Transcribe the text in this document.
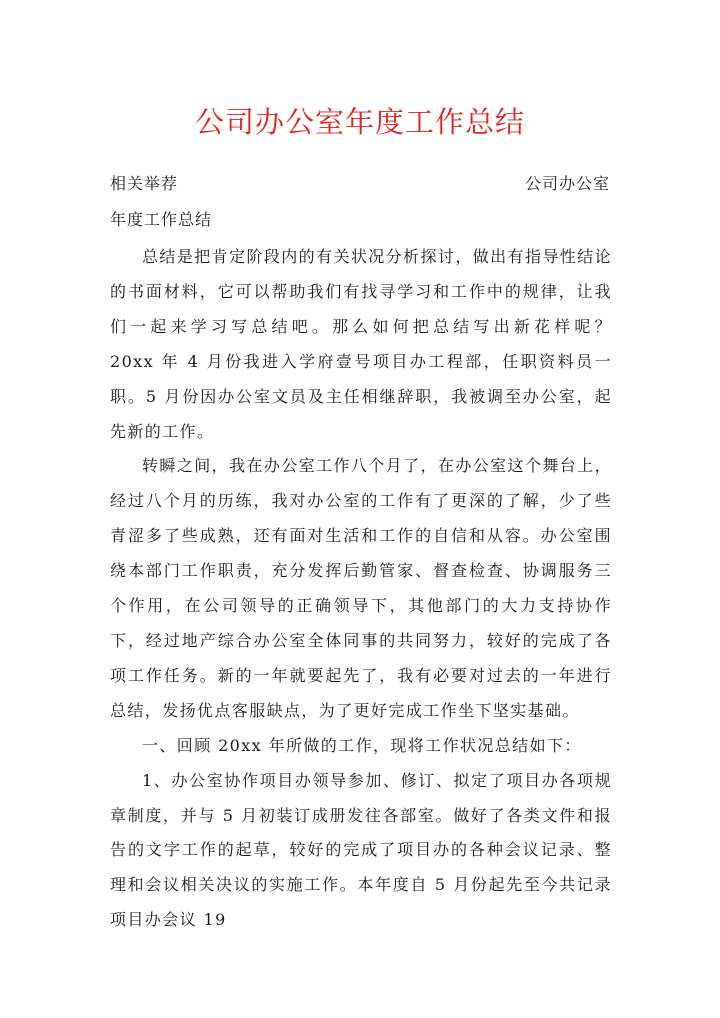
公司办公室年度工作总结
相关举荐	公司办公室
年度工作总结

总结是把肯定阶段内的有关状况分析探讨，做出有指导性结论的书面材料，它可以帮助我们有找寻学习和工作中的规律，让我们一起来学习写总结吧。那么如何把总结写出新花样呢？　　20xx 年 4 月份我进入学府壹号项目办工程部，任职资料员一职。5 月份因办公室文员及主任相继辞职，我被调至办公室，起先新的工作。

转瞬之间，我在办公室工作八个月了，在办公室这个舞台上，经过八个月的历练，我对办公室的工作有了更深的了解，少了些青涩多了些成熟，还有面对生活和工作的自信和从容。办公室围绕本部门工作职责，充分发挥后勤管家、督查检查、协调服务三个作用，在公司领导的正确领导下，其他部门的大力支持协作下，经过地产综合办公室全体同事的共同努力，较好的完成了各项工作任务。新的一年就要起先了，我有必要对过去的一年进行总结，发扬优点客服缺点，为了更好完成工作坐下坚实基础。

一、回顾 20xx 年所做的工作，现将工作状况总结如下：

1、办公室协作项目办领导参加、修订、拟定了项目办各项规章制度，并与 5 月初装订成册发往各部室。做好了各类文件和报告的文字工作的起草，较好的完成了项目办的各种会议记录、整理和会议相关决议的实施工作。本年度自 5 月份起先至今共记录项目办会议 19
